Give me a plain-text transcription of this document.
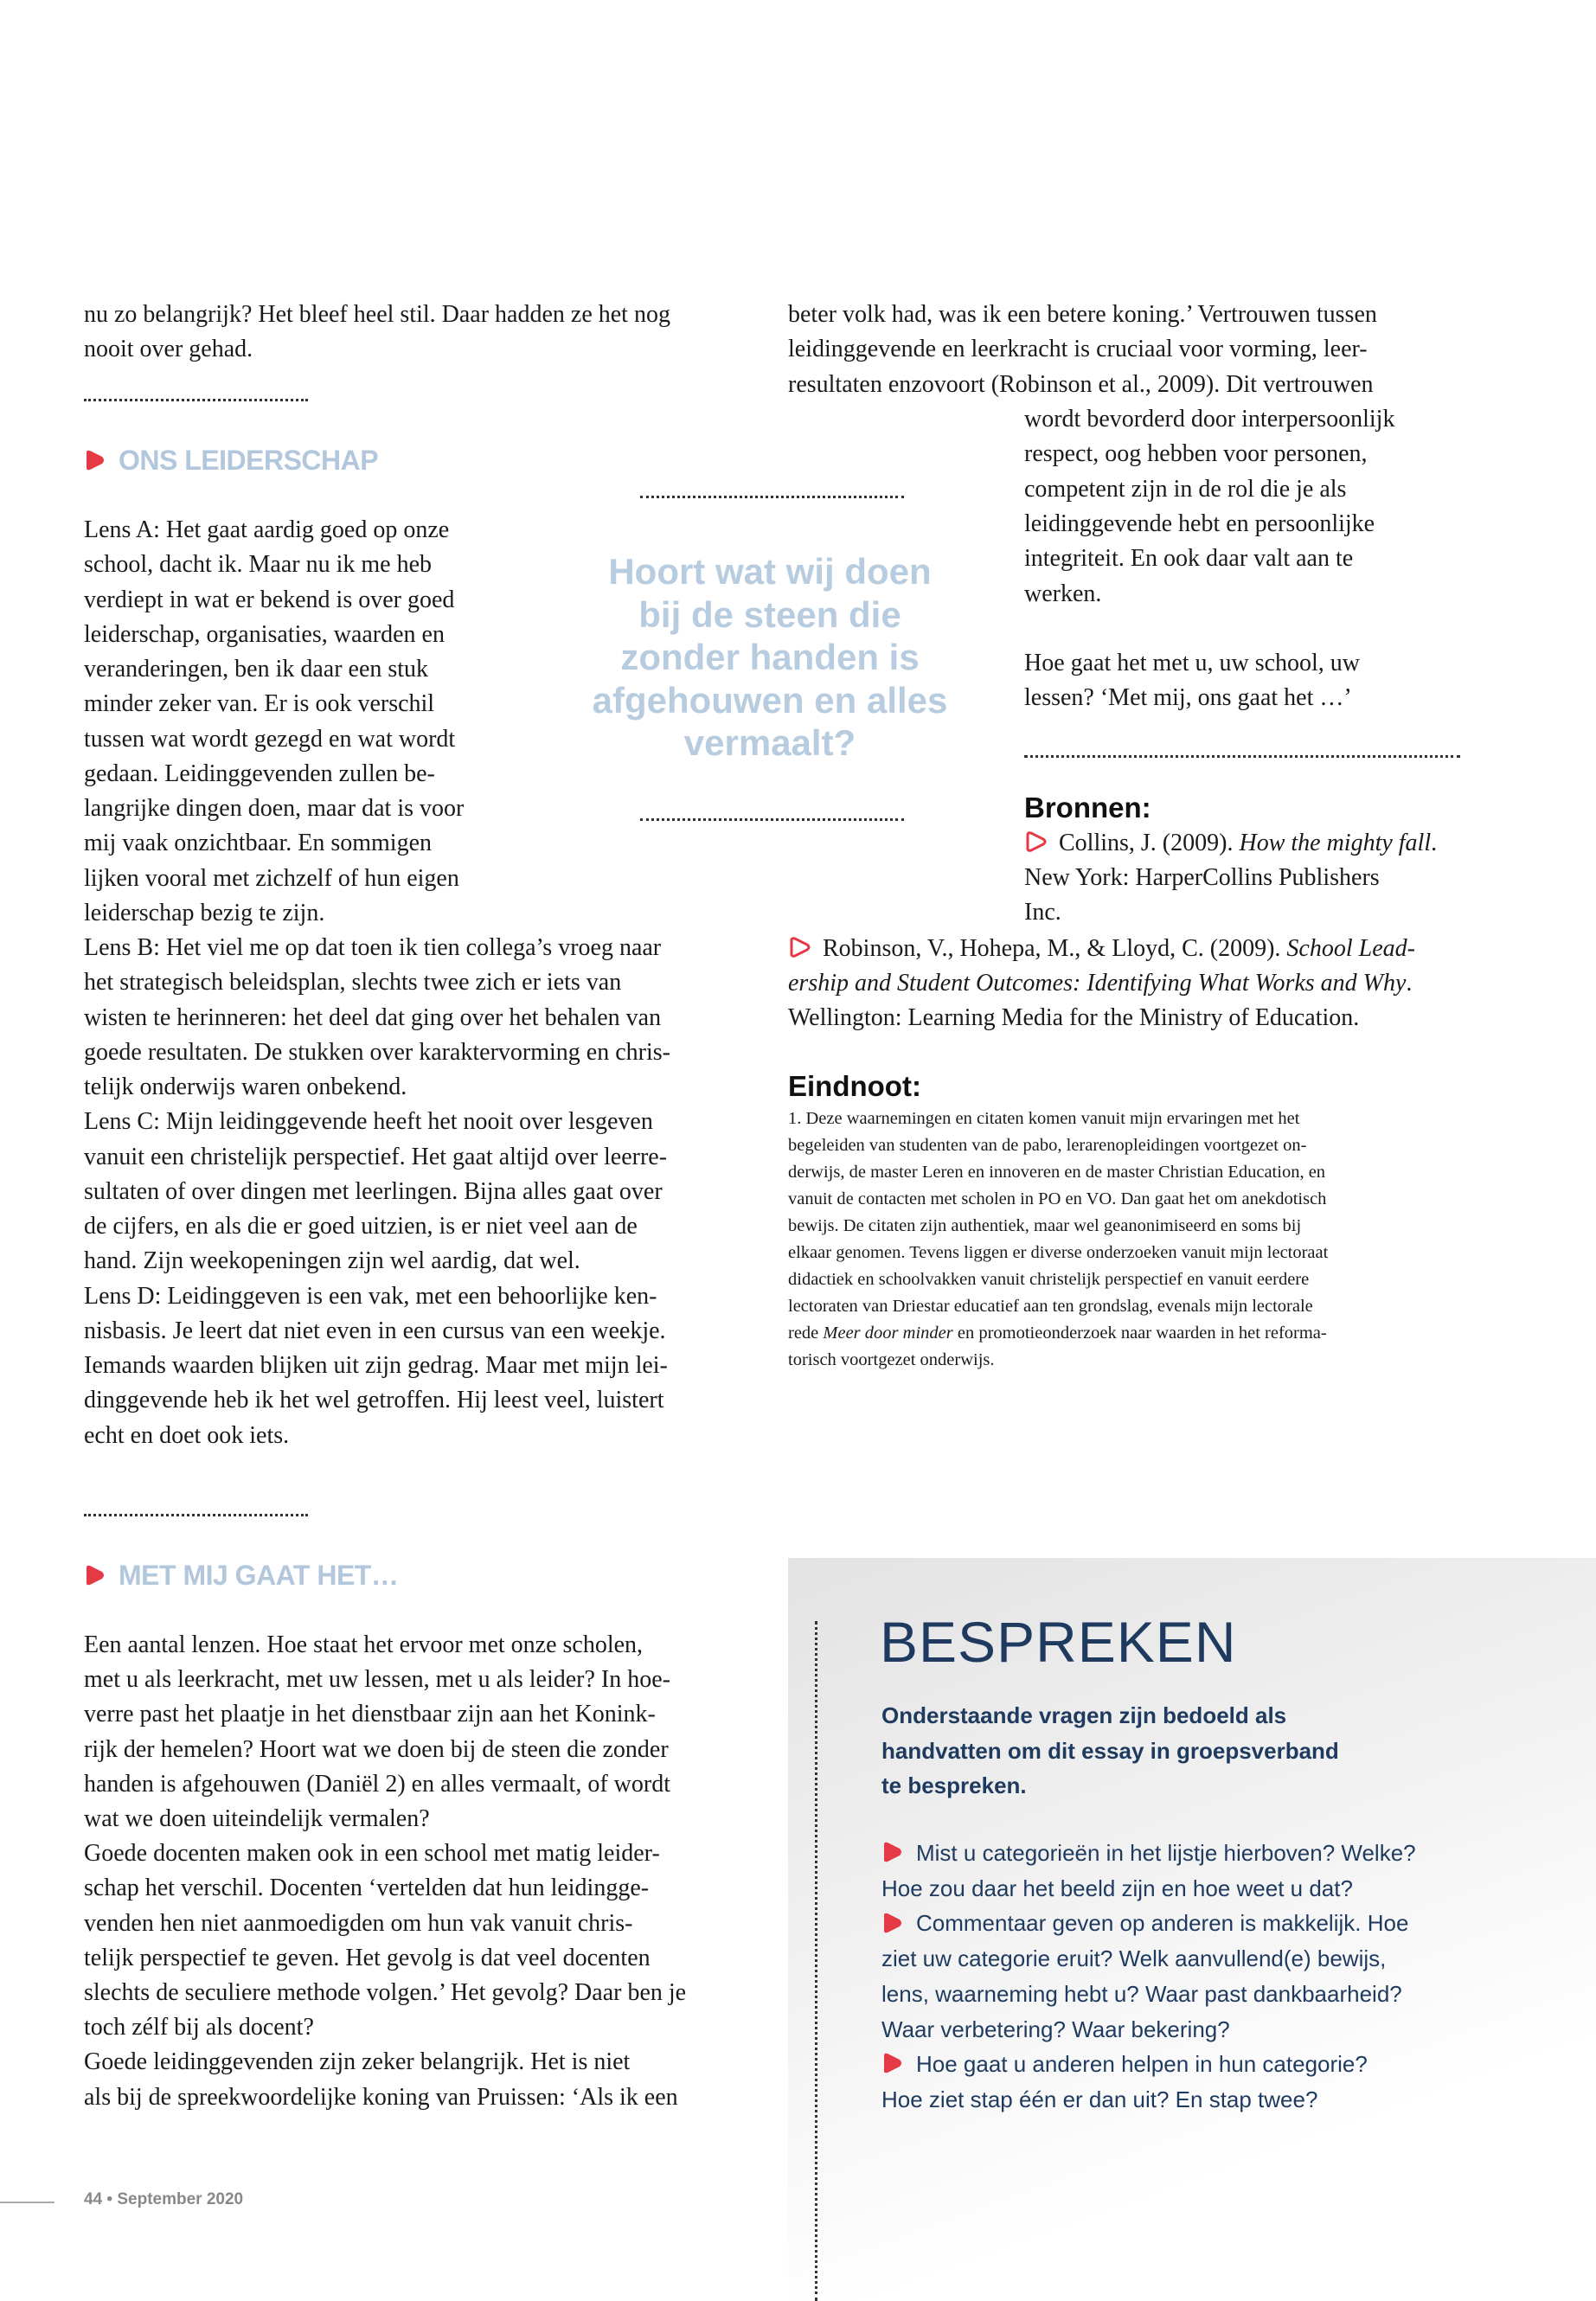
nu zo belangrijk? Het bleef heel stil. Daar hadden ze het nog
nooit over gehad.
ONS LEIDERSCHAP
Lens A: Het gaat aardig goed op onze
school, dacht ik. Maar nu ik me heb
verdiept in wat er bekend is over goed
leiderschap, organisaties, waarden en
veranderingen, ben ik daar een stuk
minder zeker van. Er is ook verschil
tussen wat wordt gezegd en wat wordt
gedaan. Leidinggevenden zullen be-
langrijke dingen doen, maar dat is voor
mij vaak onzichtbaar. En sommigen
lijken vooral met zichzelf of hun eigen
leiderschap bezig te zijn.
Lens B: Het viel me op dat toen ik tien collega’s vroeg naar
het strategisch beleidsplan, slechts twee zich er iets van
wisten te herinneren: het deel dat ging over het behalen van
goede resultaten. De stukken over karaktervorming en chris-
telijk onderwijs waren onbekend.
Lens C: Mijn leidinggevende heeft het nooit over lesgeven
vanuit een christelijk perspectief. Het gaat altijd over leerre-
sultaten of over dingen met leerlingen. Bijna alles gaat over
de cijfers, en als die er goed uitzien, is er niet veel aan de
hand. Zijn weekopeningen zijn wel aardig, dat wel.
Lens D: Leidinggeven is een vak, met een behoorlijke ken-
nisbasis. Je leert dat niet even in een cursus van een weekje.
Iemands waarden blijken uit zijn gedrag. Maar met mijn lei-
dinggevende heb ik het wel getroffen. Hij leest veel, luistert
echt en doet ook iets.
MET MIJ GAAT HET…
Een aantal lenzen. Hoe staat het ervoor met onze scholen,
met u als leerkracht, met uw lessen, met u als leider? In hoe-
verre past het plaatje in het dienstbaar zijn aan het Konink-
rijk der hemelen? Hoort wat we doen bij de steen die zonder
handen is afgehouwen (Daniël 2) en alles vermaalt, of wordt
wat we doen uiteindelijk vermalen?
Goede docenten maken ook in een school met matig leider-
schap het verschil. Docenten ‘vertelden dat hun leidingge-
venden hen niet aanmoedigden om hun vak vanuit chris-
telijk perspectief te geven. Het gevolg is dat veel docenten
slechts de seculiere methode volgen.’ Het gevolg? Daar ben je
toch zélf bij als docent?
Goede leidinggevenden zijn zeker belangrijk. Het is niet
als bij de spreekwoordelijke koning van Pruissen: ‘Als ik een
Hoort wat wij doen
bij de steen die
zonder handen is
afgehouwen en alles
vermaalt?
beter volk had, was ik een betere koning.’ Vertrouwen tussen
leidinggevende en leerkracht is cruciaal voor vorming, leer-
resultaten enzovoort (Robinson et al., 2009). Dit vertrouwen
wordt bevorderd door interpersoonlijk
respect, oog hebben voor personen,
competent zijn in de rol die je als
leidinggevende hebt en persoonlijke
integriteit. En ook daar valt aan te
werken.
Hoe gaat het met u, uw school, uw
lessen? ‘Met mij, ons gaat het …’
Bronnen:
Collins, J. (2009). How the mighty fall.
New York: HarperCollins Publishers
Inc.
Robinson, V., Hohepa, M., & Lloyd, C. (2009). School Lead-
ership and Student Outcomes: Identifying What Works and Why.
Wellington: Learning Media for the Ministry of Education.
Eindnoot:
1. Deze waarnemingen en citaten komen vanuit mijn ervaringen met het
begeleiden van studenten van de pabo, lerarenopleidingen voortgezet on-
derwijs, de master Leren en innoveren en de master Christian Education, en
vanuit de contacten met scholen in PO en VO. Dan gaat het om anekdotisch
bewijs. De citaten zijn authentiek, maar wel geanonimiseerd en soms bij
elkaar genomen. Tevens liggen er diverse onderzoeken vanuit mijn lectoraat
didactiek en schoolvakken vanuit christelijk perspectief en vanuit eerdere
lectoraten van Driestar educatief aan ten grondslag, evenals mijn lectorale
rede Meer door minder en promotieonderzoek naar waarden in het reforma-
torisch voortgezet onderwijs.
BESPREKEN
Onderstaande vragen zijn bedoeld als
handvatten om dit essay in groepsverband
te bespreken.
Mist u categorieën in het lijstje hierboven? Welke?
Hoe zou daar het beeld zijn en hoe weet u dat?
Commentaar geven op anderen is makkelijk. Hoe
ziet uw categorie eruit? Welk aanvullend(e) bewijs,
lens, waarneming hebt u? Waar past dankbaarheid?
Waar verbetering? Waar bekering?
Hoe gaat u anderen helpen in hun categorie?
Hoe ziet stap één er dan uit? En stap twee?
44 • September 2020
